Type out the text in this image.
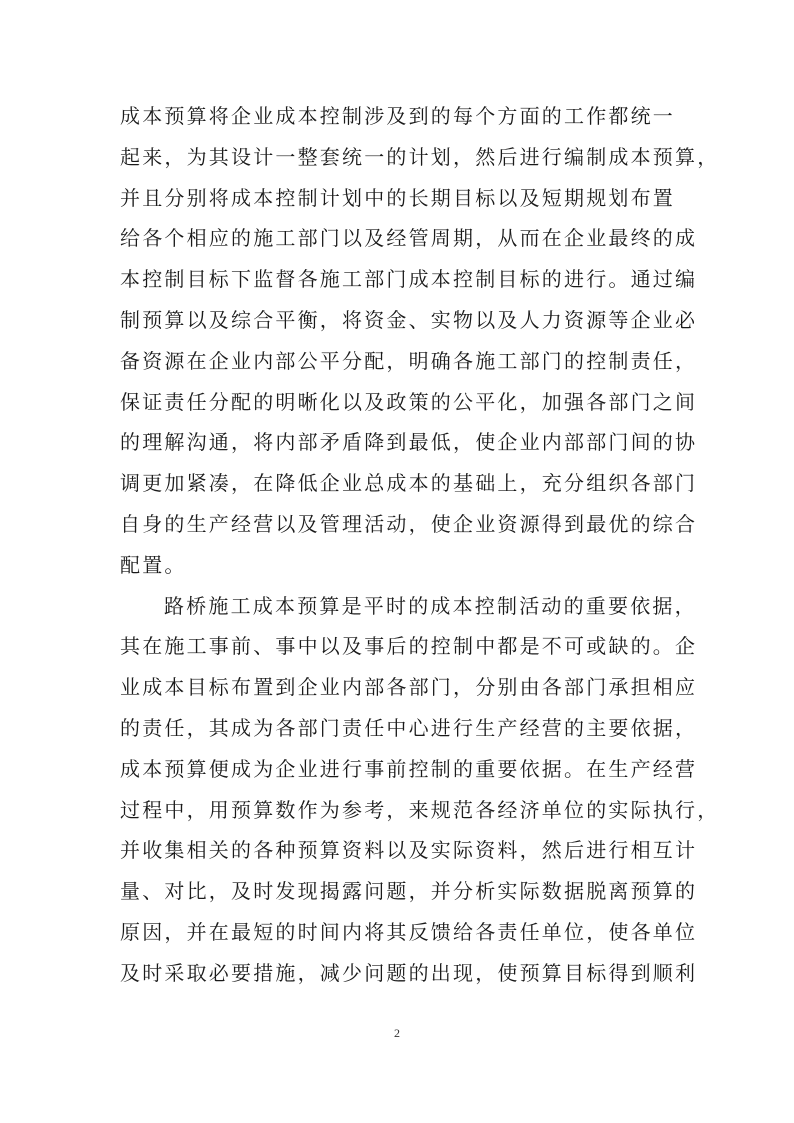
成本预算将企业成本控制涉及到的每个方面的工作都统一
起来，为其设计一整套统一的计划，然后进行编制成本预算，
并且分别将成本控制计划中的长期目标以及短期规划布置
给各个相应的施工部门以及经管周期，从而在企业最终的成
本控制目标下监督各施工部门成本控制目标的进行。通过编
制预算以及综合平衡，将资金、实物以及人力资源等企业必
备资源在企业内部公平分配，明确各施工部门的控制责任，
保证责任分配的明晰化以及政策的公平化，加强各部门之间
的理解沟通，将内部矛盾降到最低，使企业内部部门间的协
调更加紧凑，在降低企业总成本的基础上，充分组织各部门
自身的生产经营以及管理活动，使企业资源得到最优的综合
配置。

路桥施工成本预算是平时的成本控制活动的重要依据，
其在施工事前、事中以及事后的控制中都是不可或缺的。企
业成本目标布置到企业内部各部门，分别由各部门承担相应
的责任，其成为各部门责任中心进行生产经营的主要依据，
成本预算便成为企业进行事前控制的重要依据。在生产经营
过程中，用预算数作为参考，来规范各经济单位的实际执行，
并收集相关的各种预算资料以及实际资料，然后进行相互计
量、对比，及时发现揭露问题，并分析实际数据脱离预算的
原因，并在最短的时间内将其反馈给各责任单位，使各单位
及时采取必要措施，减少问题的出现，使预算目标得到顺利

2
